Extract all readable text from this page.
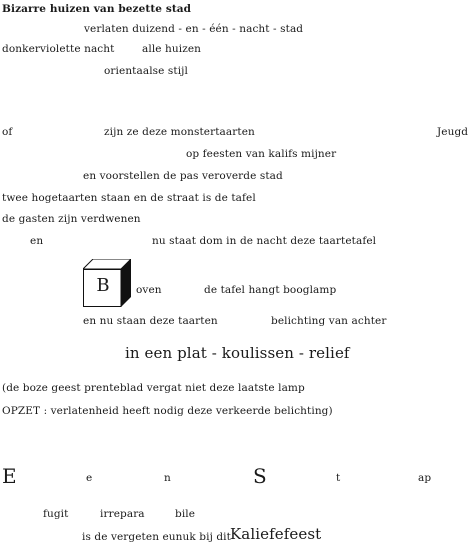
Bizarre huizen van bezette stad
verlaten duizend - en - één - nacht - stad
donkerviolette nacht	alle huizen
orientaalse stijl
of	zijn ze deze monstertaarten	Jeugd
op feesten van kalifs mijner
en voorstellen de pas veroverde stad
twee hogetaarten staan en de straat is de tafel
de gasten zijn verdwenen
en	nu staat dom in de nacht deze taartetafel
B	oven	de tafel hangt booglamp
en nu staan deze taarten	belichting van achter
in een plat - koulissen - relief
(de boze geest prenteblad vergat niet deze laatste lamp
OPZET : verlatenheid heeft nodig deze verkeerde belichting)
E	e	n	S	t	ap
fugit	irrepara	bile
is de vergeten eunuk bij dit Kaliefefeest
